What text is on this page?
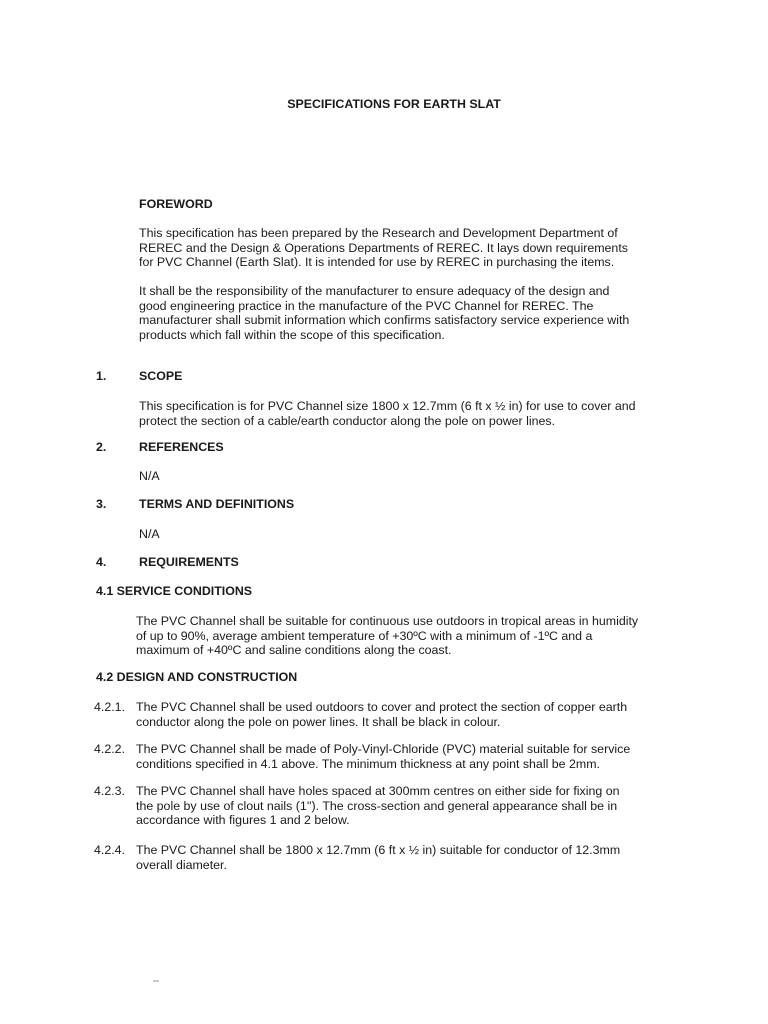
SPECIFICATIONS FOR EARTH SLAT
FOREWORD
This specification has been prepared by the Research and Development Department of
REREC and the Design & Operations Departments of REREC. It lays down requirements
for PVC Channel (Earth Slat). It is intended for use by REREC in purchasing the items.
It shall be the responsibility of the manufacturer to ensure adequacy of the design and
good engineering practice in the manufacture of the PVC Channel for REREC. The
manufacturer shall submit information which confirms satisfactory service experience with
products which fall within the scope of this specification.
1.	SCOPE
This specification is for PVC Channel size 1800 x 12.7mm (6 ft x ½ in) for use to cover and
protect the section of a cable/earth conductor along the pole on power lines.
2.	REFERENCES
N/A
3.	TERMS AND DEFINITIONS
N/A
4.	REQUIREMENTS
4.1 SERVICE CONDITIONS
The PVC Channel shall be suitable for continuous use outdoors in tropical areas in humidity
of up to 90%, average ambient temperature of +30ºC with a minimum of -1ºC and a
maximum of +40ºC and saline conditions along the coast.
4.2 DESIGN AND CONSTRUCTION
4.2.1. The PVC Channel shall be used outdoors to cover and protect the section of copper earth
conductor along the pole on power lines. It shall be black in colour.
4.2.2. The PVC Channel shall be made of Poly-Vinyl-Chloride (PVC) material suitable for service
conditions specified in 4.1 above. The minimum thickness at any point shall be 2mm.
4.2.3. The PVC Channel shall have holes spaced at 300mm centres on either side for fixing on
the pole by use of clout nails (1''). The cross-section and general appearance shall be in
accordance with figures 1 and 2 below.
4.2.4. The PVC Channel shall be 1800 x 12.7mm (6 ft x ½ in) suitable for conductor of 12.3mm
overall diameter.
